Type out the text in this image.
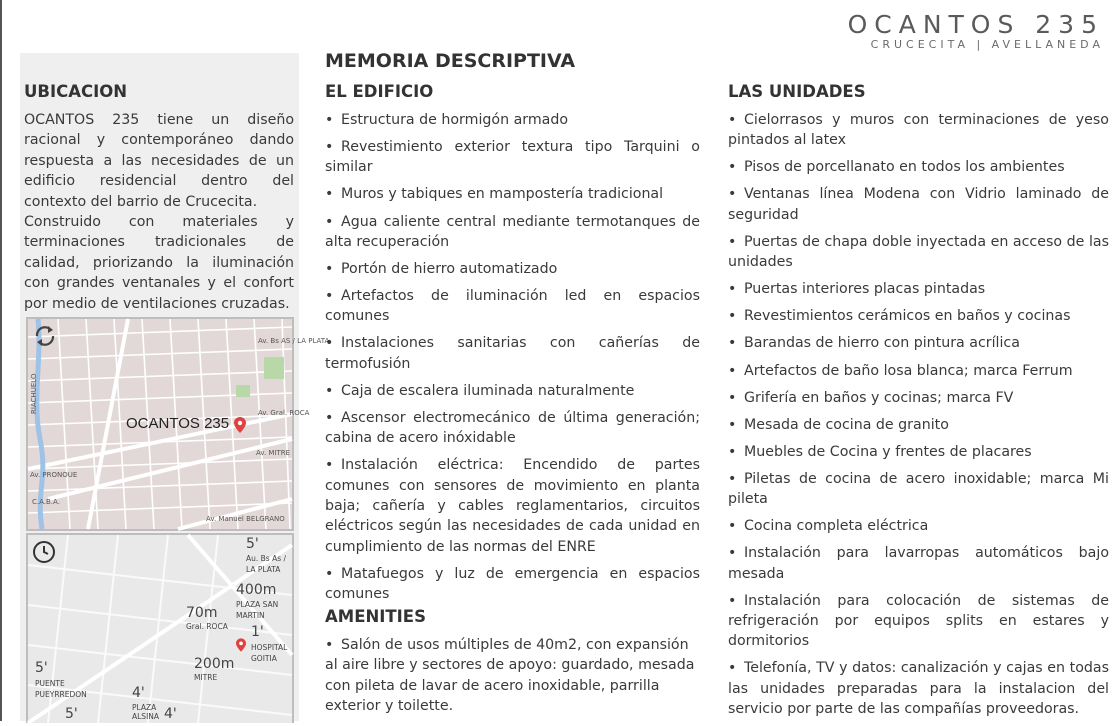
OCANTOS 235
CRUCECITA | AVELLANEDA
UBICACION

OCANTOS 235 tiene un diseño racional y contemporáneo dando respuesta a las necesidades de un edificio residencial dentro del contexto del barrio de Crucecita.

Construido con materiales y terminaciones tradicionales de calidad, priorizando la iluminación con grandes ventanales y el confort por medio de ventilaciones cruzadas.

Av. Bs AS / LA PLATA
Av. Gral. ROCA
RIACHUELO
Av. MITRE
Av. PRONOUE
C.A.B.A.
Av. Manuel BELGRANO
OCANTOS 235
5'
Au. Bs As / LA PLATA
400m
PLAZA SAN MARTIN
70m
Gral. ROCA 1'
HOSPITAL GOITIA
200m
MITRE
5'
PUENTE PUEYRREDON	4'
PLAZA ALSINA
5'	4'
MEMORIA DESCRIPTIVA
EL EDIFICIO
• Estructura de hormigón armado
• Revestimiento exterior textura tipo Tarquini o similar
• Muros y tabiques en mampostería tradicional
• Agua caliente central mediante termotanques de alta recuperación
• Portón de hierro automatizado
• Artefactos de iluminación led en espacios comunes
• Instalaciones sanitarias con cañerías de termofusión
• Caja de escalera iluminada naturalmente
• Ascensor electromecánico de última generación; cabina de acero inóxidable
• Instalación eléctrica: Encendido de partes comunes con sensores de movimiento en planta baja; cañería y cables reglamentarios, circuitos eléctricos según las necesidades de cada unidad en cumplimiento de las normas del ENRE
• Matafuegos y luz de emergencia en espacios comunes
AMENITIES
• Salón de usos múltiples de 40m2, con expansión al aire libre y sectores de apoyo: guardado, mesada con pileta de lavar de acero inoxidable, parrilla exterior y toilette.
LAS UNIDADES
• Cielorrasos y muros con terminaciones de yeso pintados al latex
• Pisos de porcellanato en todos los ambientes
• Ventanas línea Modena con Vidrio laminado de seguridad
• Puertas de chapa doble inyectada en acceso de las unidades
• Puertas interiores placas pintadas
• Revestimientos cerámicos en baños y cocinas
• Barandas de hierro con pintura acrílica
• Artefactos de baño losa blanca; marca Ferrum
• Grifería en baños y cocinas; marca FV
• Mesada de cocina de granito
• Muebles de Cocina y frentes de placares
• Piletas de cocina de acero inoxidable; marca Mi pileta
• Cocina completa eléctrica
• Instalación para lavarropas automáticos bajo mesada
• Instalación para colocación de sistemas de refrigeración por equipos splits en estares y dormitorios
• Telefonía, TV y datos: canalización y cajas en todas las unidades preparadas para la instalacion del servicio por parte de las compañías proveedoras.
